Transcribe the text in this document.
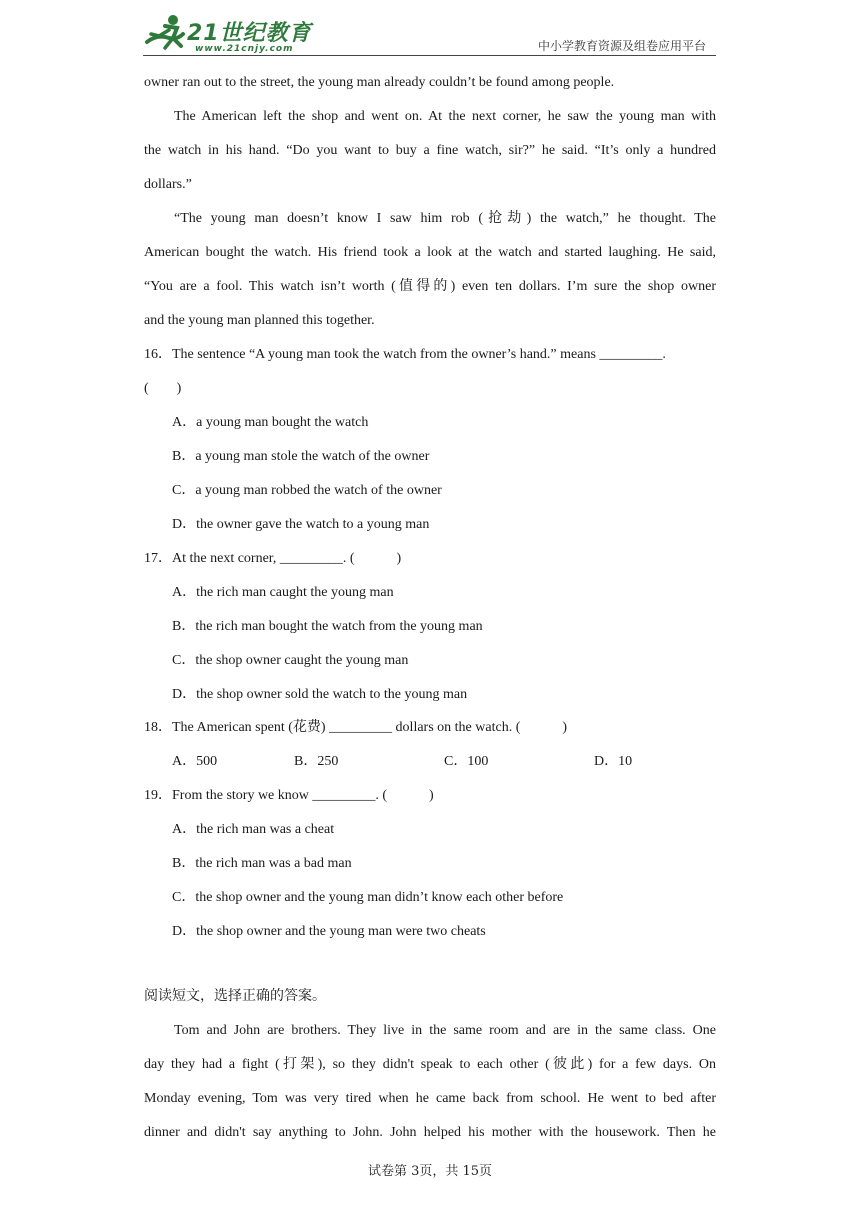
21世纪教育
www.21cnjy.com	中小学教育资源及组卷应用平台
owner ran out to the street, the young man already couldn’t be found among people.
The American left the shop and went on. At the next corner, he saw the young man with
the watch in his hand. “Do you want to buy a fine watch, sir?” he said. “It’s only a hundred
dollars.”
“The young man doesn’t know I saw him rob (抢劫) the watch,” he thought. The
American bought the watch. His friend took a look at the watch and started laughing. He said,
“You are a fool. This watch isn’t worth (值得的) even ten dollars. I’m sure the shop owner
and the young man planned this together.
16．The sentence “A young man took the watch from the owner’s hand.” means _________.
(　　)
A．a young man bought the watch
B．a young man stole the watch of the owner
C．a young man robbed the watch of the owner
D．the owner gave the watch to a young man
17．At the next corner, _________. (　　　)
A．the rich man caught the young man
B．the rich man bought the watch from the young man
C．the shop owner caught the young man
D．the shop owner sold the watch to the young man
18．The American spent (花费) _________ dollars on the watch. (　　　)
A．500	B．250	C．100	D．10
19．From the story we know _________. (　　　)
A．the rich man was a cheat
B．the rich man was a bad man
C．the shop owner and the young man didn’t know each other before
D．the shop owner and the young man were two cheats
阅读短文，选择正确的答案。
Tom and John are brothers. They live in the same room and are in the same class. One
day they had a fight (打架), so they didn't speak to each other (彼此) for a few days. On
Monday evening, Tom was very tired when he came back from school. He went to bed after
dinner and didn't say anything to John. John helped his mother with the housework. Then he
试卷第 3页，共 15页
